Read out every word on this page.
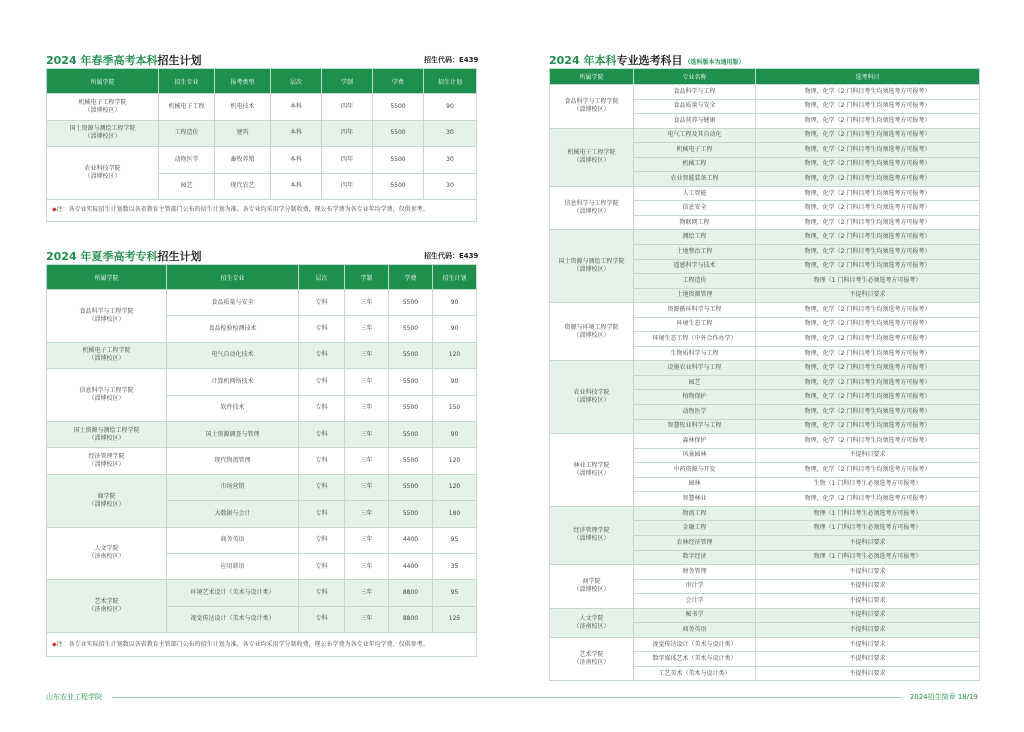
2024 年春季高考本科招生计划	招生代码：E439
所属学院	招生专业	报考类型	层次	学制	学费	招生计划

机械电子工程学院
（淄博校区）	机械电子工程	机电技术	本科	四年	5500	90

国土资源与测绘工程学院
（淄博校区）	工程造价	建筑	本科	四年	5500	30

农业科技学院
（淄博校区）	动物医学	畜牧养殖	本科	四年	5500	30
	园艺	现代农艺	本科	四年	5500	30
◆注：各专业实际招生计划数以各省教育主管部门公布的招生计划为准。各专业均采用学分制收费，现公布学费为各专业年均学费，仅供参考。						
2024 年夏季高考专科招生计划	招生代码：E439
所属学院	招生专业	层次	学制	学费	招生计划

食品科学与工程学院
（淄博校区）	食品质量与安全	专科	三年	5500	90
	食品检验检测技术	专科	三年	5500	90

机械电子工程学院
（淄博校区）	电气自动化技术	专科	三年	5500	120

信息科学与工程学院
（淄博校区）	计算机网络技术	专科	三年	5500	90
	软件技术	专科	三年	5500	150

国土资源与测绘工程学院
（淄博校区）	国土资源调查与管理	专科	三年	5500	90

经济管理学院
（淄博校区）	现代物流管理	专科	三年	5500	120

商学院
（淄博校区）	市场营销	专科	三年	5500	120
	大数据与会计	专科	三年	5500	180

人文学院
（济南校区）	商务英语	专科	三年	4400	95
	应用韩语	专科	三年	4400	35

艺术学院
（济南校区）	环境艺术设计（美术与设计类）	专科	三年	8800	95
	视觉传达设计（美术与设计类）	专科	三年	8800	125
◆注：各专业实际招生计划数以各省教育主管部门公布的招生计划为准。各专业均采用学分制收费，现公布学费为各专业年均学费，仅供参考。					
2024 年本科专业选考科目 （选科版本为通用版）
所属学院	专业名称	选考科目

食品科学与工程学院
（淄博校区）	食品科学与工程	物理，化学（2 门科目考生均须选考方可报考）
	食品质量与安全	物理，化学（2 门科目考生均须选考方可报考）
	食品营养与健康	物理，化学（2 门科目考生均须选考方可报考）

机械电子工程学院
（淄博校区）	电气工程及其自动化	物理，化学（2 门科目考生均须选考方可报考）
	机械电子工程	物理，化学（2 门科目考生均须选考方可报考）
	机械工程	物理，化学（2 门科目考生均须选考方可报考）
	农业智能装备工程	物理，化学（2 门科目考生均须选考方可报考）

信息科学与工程学院
（淄博校区）	人工智能	物理，化学（2 门科目考生均须选考方可报考）
	信息安全	物理，化学（2 门科目考生均须选考方可报考）
	物联网工程	物理，化学（2 门科目考生均须选考方可报考）

国土资源与测绘工程学院
（淄博校区）	测绘工程	物理，化学（2 门科目考生均须选考方可报考）
	土地整治工程	物理，化学（2 门科目考生均须选考方可报考）
	遥感科学与技术	物理，化学（2 门科目考生均须选考方可报考）
	工程造价	物理（1 门科目考生必须选考方可报考）
	土地资源管理	不提科目要求

资源与环境工程学院
（淄博校区）	资源循环科学与工程	物理，化学（2 门科目考生均须选考方可报考）
	环境生态工程	物理，化学（2 门科目考生均须选考方可报考）
	环境生态工程（中外合作办学）	物理，化学（2 门科目考生均须选考方可报考）
	生物质科学与工程	物理，化学（2 门科目考生均须选考方可报考）

农业科技学院
（淄博校区）	设施农业科学与工程	物理，化学（2 门科目考生均须选考方可报考）
	园艺	物理，化学（2 门科目考生均须选考方可报考）
	植物保护	物理，化学（2 门科目考生均须选考方可报考）
	动物医学	物理，化学（2 门科目考生均须选考方可报考）
	智慧牧业科学与工程	物理，化学（2 门科目考生均须选考方可报考）

林业工程学院
（淄博校区）	森林保护	物理，化学（2 门科目考生均须选考方可报考）
	风景园林	不提科目要求
	中药资源与开发	物理，化学（2 门科目考生均须选考方可报考）
	园林	生物（1 门科目考生必须选考方可报考）
	智慧林业	物理，化学（2 门科目考生均须选考方可报考）

经济管理学院
（淄博校区）	物流工程	物理（1 门科目考生必须选考方可报考）
	金融工程	物理（1 门科目考生必须选考方可报考）
	农林经济管理	不提科目要求
	数字经济	物理（1 门科目考生必须选考方可报考）

商学院
（淄博校区）	财务管理	不提科目要求
	审计学	不提科目要求
	会计学	不提科目要求

人文学院
（济南校区）	秘书学	不提科目要求
	商务英语	不提科目要求

艺术学院
（济南校区）	视觉传达设计（美术与设计类）	不提科目要求
	数字媒体艺术（美术与设计类）	不提科目要求
	工艺美术（美术与设计类）	不提科目要求
山东农业工程学院	2024招生简章 18/19
